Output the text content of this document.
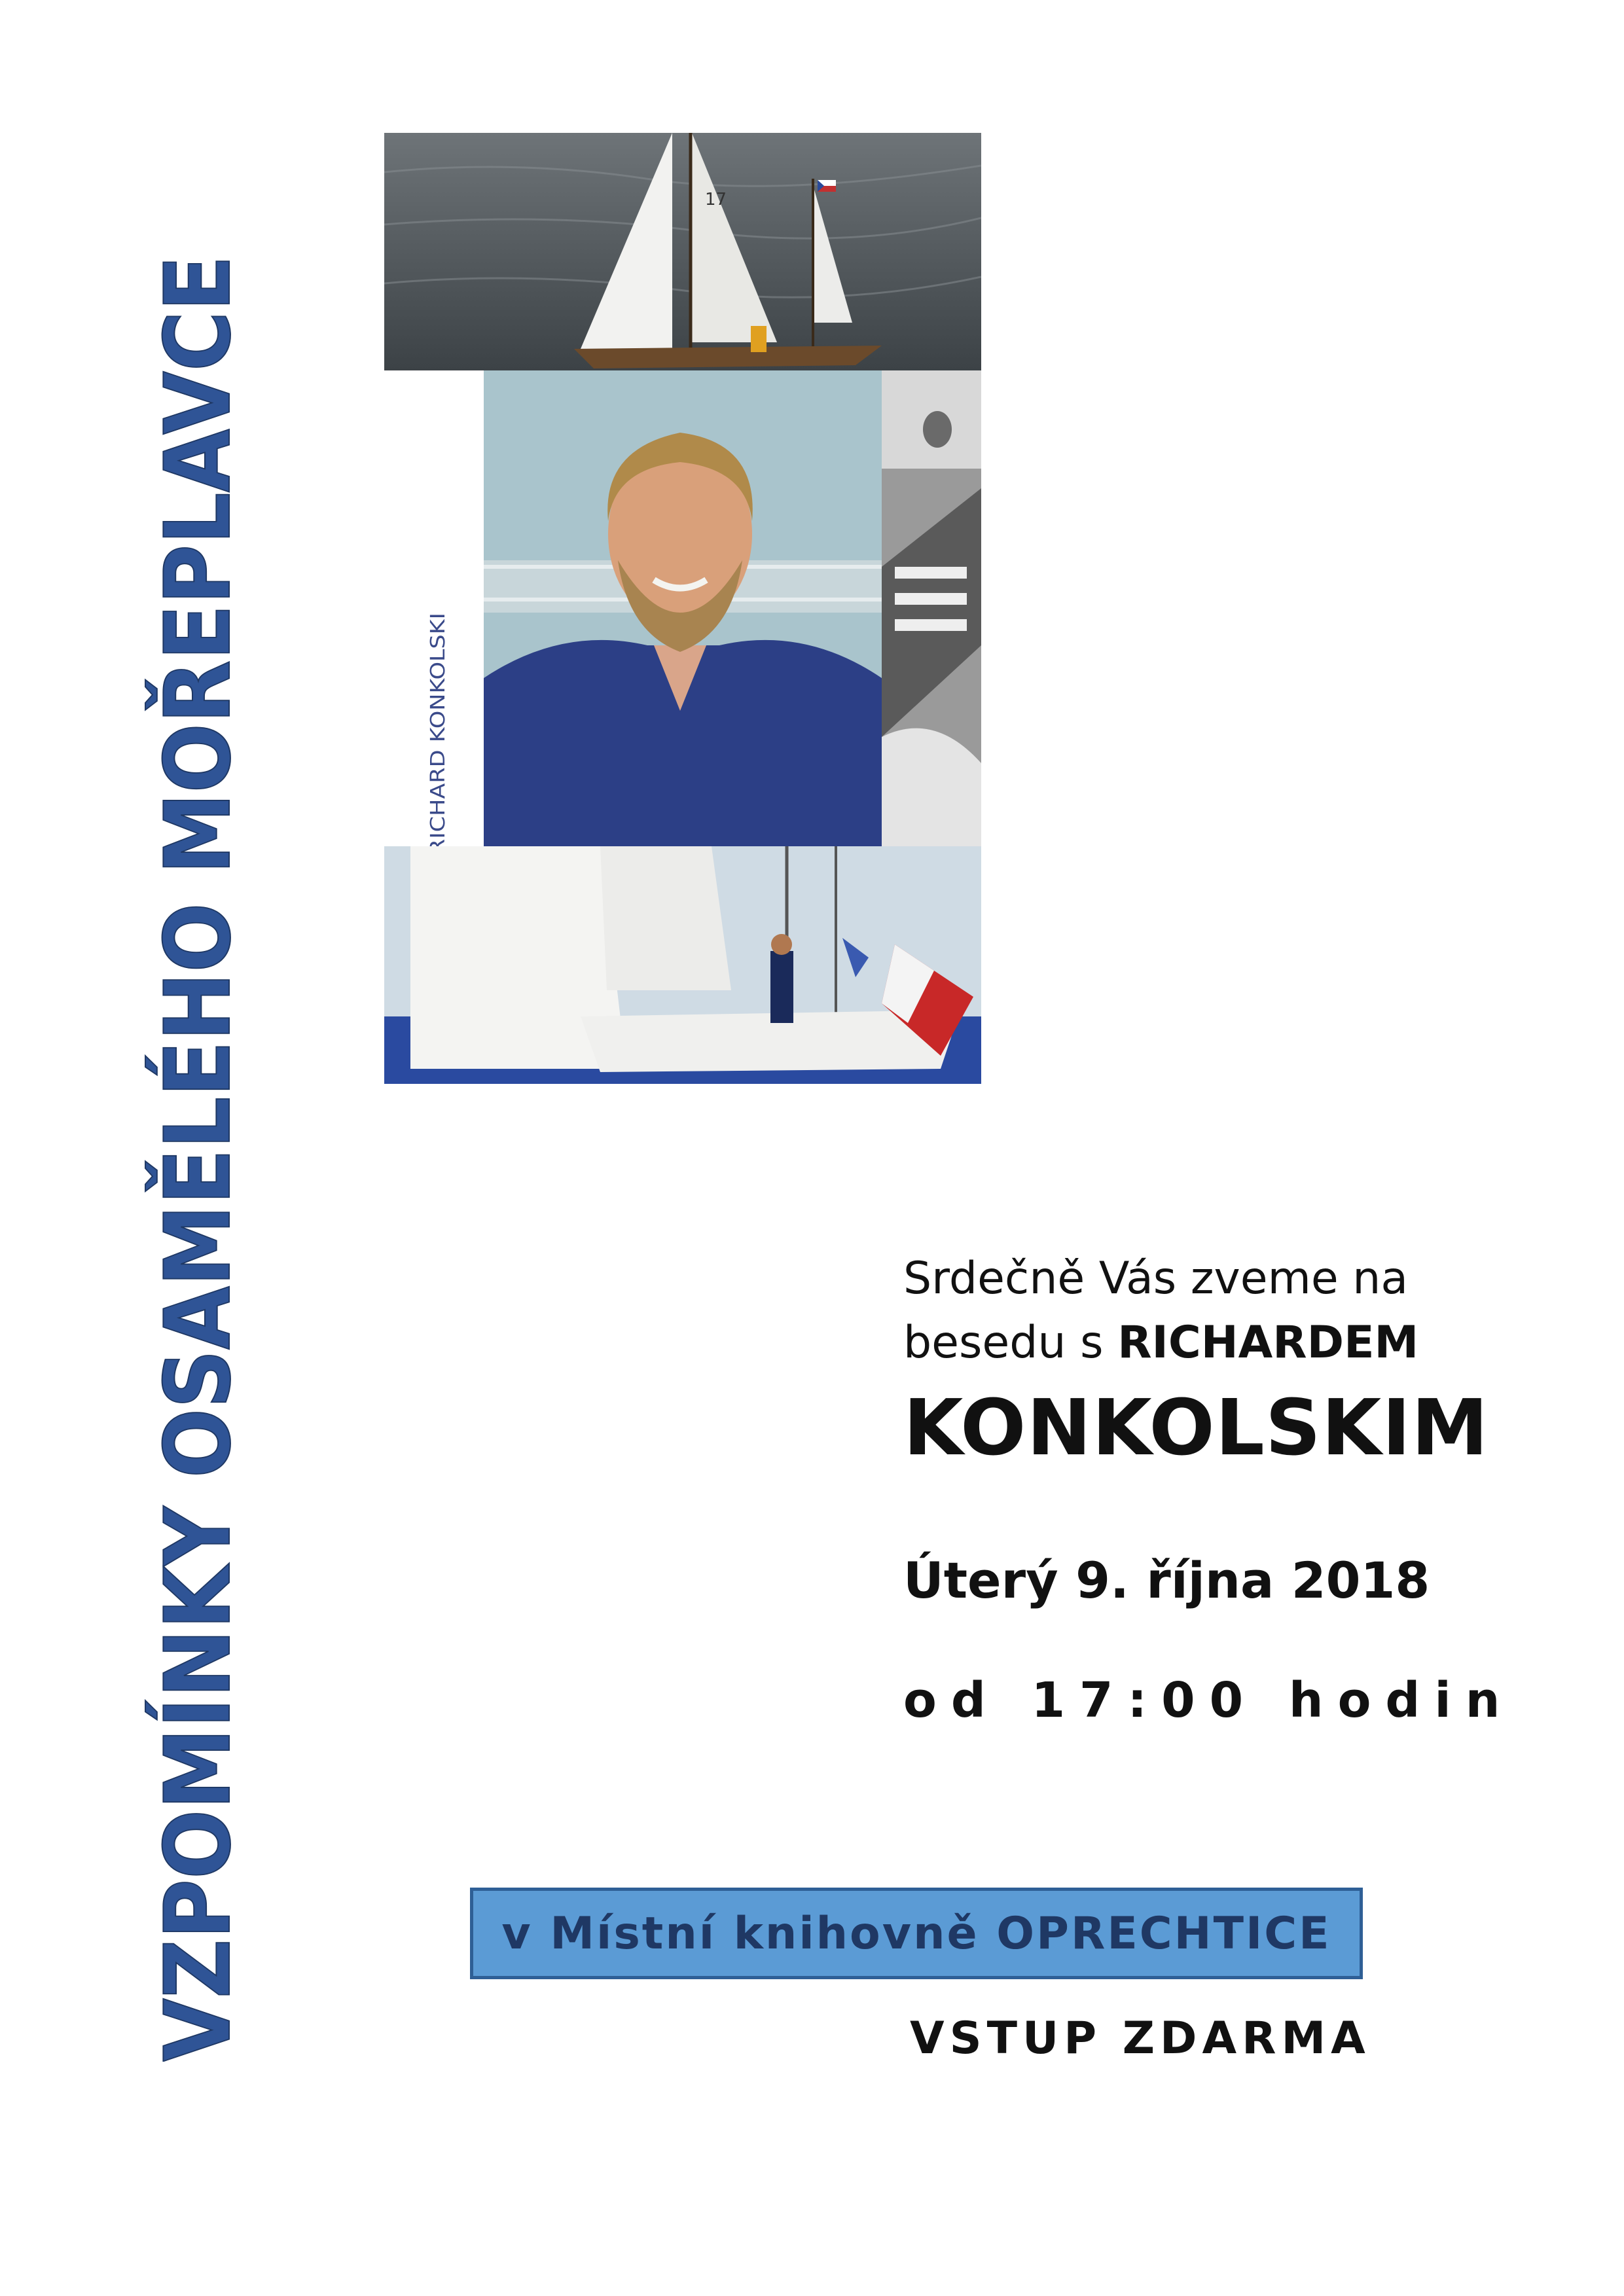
VZPOMÍNKY OSAMĚLÉHO MOŘEPLAVCE	17
RICHARD KONKOLSKI
Srdečně Vás zveme na
besedu s RICHARDEM
KONKOLSKIM
Úterý 9. října 2018
od 17:00 hodin
v Místní knihovně OPRECHTICE
VSTUP ZDARMA
